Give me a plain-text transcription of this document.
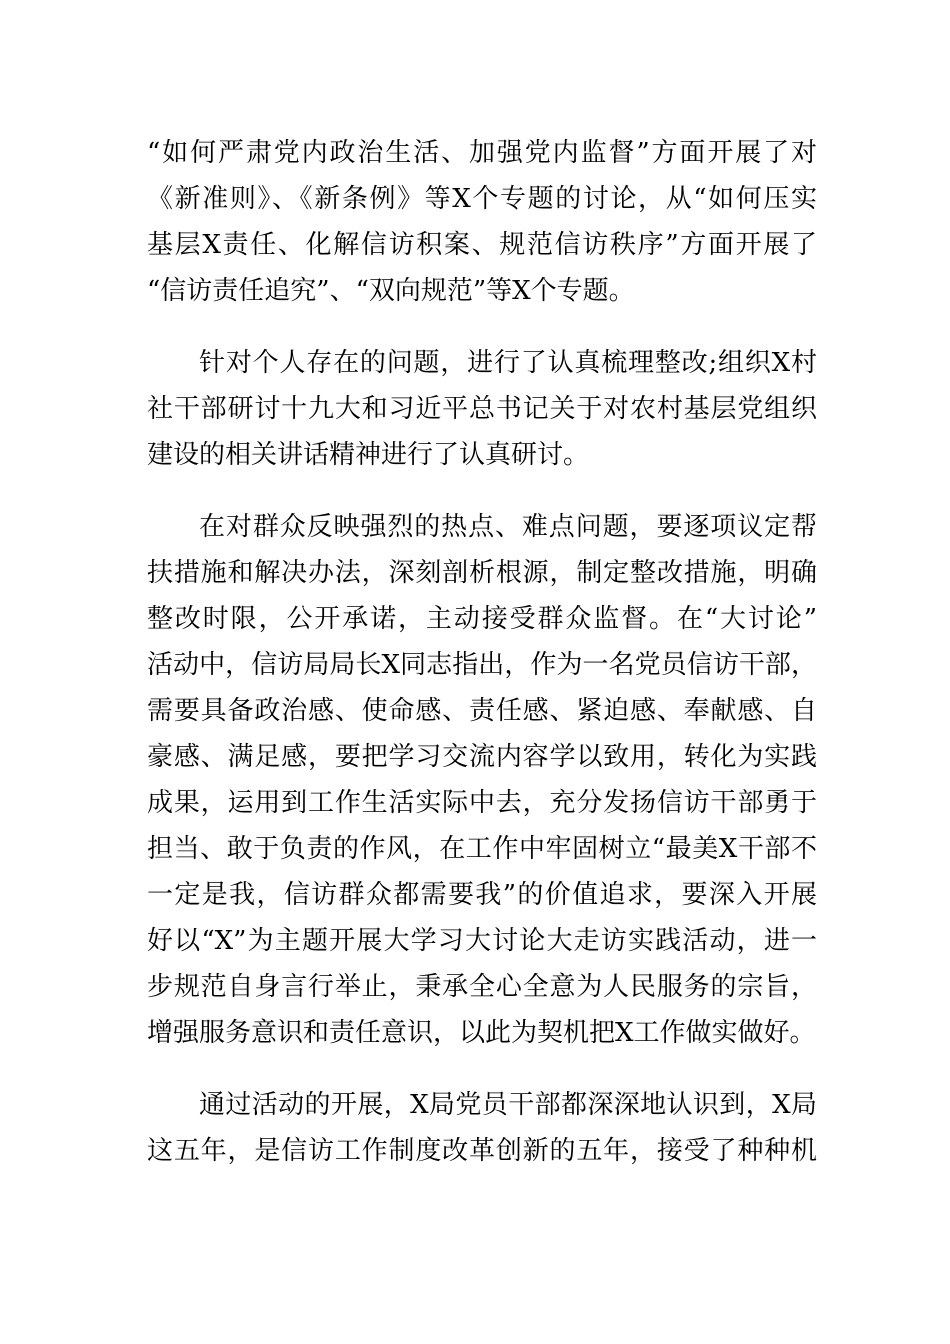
“如何严肃党内政治生活、加强党内监督”方面开展了对
《新准则》、《新条例》等X个专题的讨论，从“如何压实
基层X责任、化解信访积案、规范信访秩序”方面开展了
“信访责任追究”、“双向规范”等X个专题。
针对个人存在的问题，进行了认真梳理整改;组织X村
社干部研讨十九大和习近平总书记关于对农村基层党组织
建设的相关讲话精神进行了认真研讨。
在对群众反映强烈的热点、难点问题，要逐项议定帮
扶措施和解决办法，深刻剖析根源，制定整改措施，明确
整改时限，公开承诺，主动接受群众监督。在“大讨论”
活动中，信访局局长X同志指出，作为一名党员信访干部，
需要具备政治感、使命感、责任感、紧迫感、奉献感、自
豪感、满足感，要把学习交流内容学以致用，转化为实践
成果，运用到工作生活实际中去，充分发扬信访干部勇于
担当、敢于负责的作风，在工作中牢固树立“最美X干部不
一定是我，信访群众都需要我”的价值追求，要深入开展
好以“X”为主题开展大学习大讨论大走访实践活动，进一
步规范自身言行举止，秉承全心全意为人民服务的宗旨，
增强服务意识和责任意识，以此为契机把X工作做实做好。
通过活动的开展，X局党员干部都深深地认识到，X局
这五年，是信访工作制度改革创新的五年，接受了种种机
